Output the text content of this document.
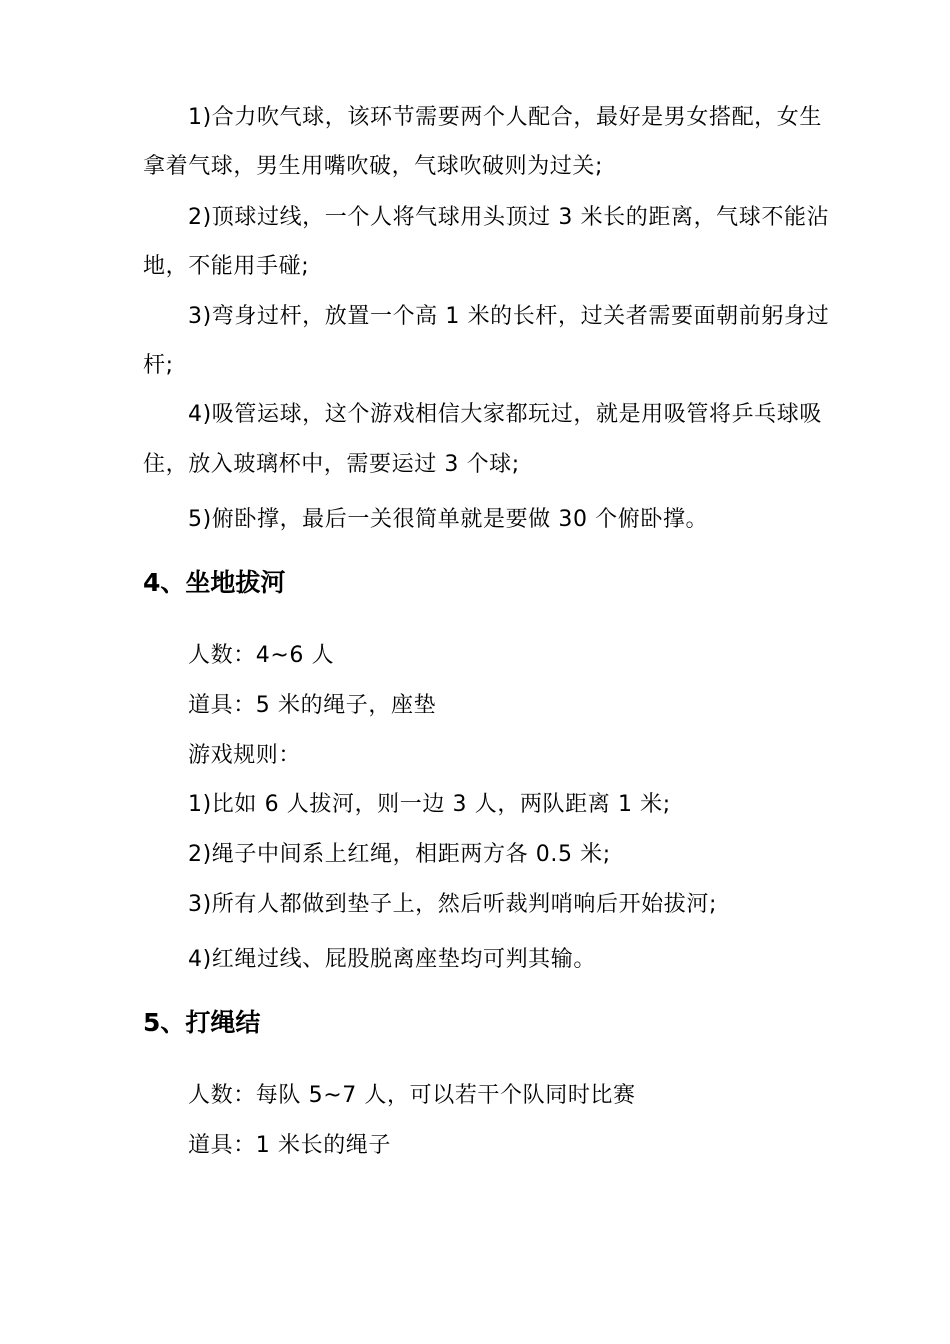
1)合力吹气球，该环节需要两个人配合，最好是男女搭配，女生
拿着气球，男生用嘴吹破，气球吹破则为过关;
2)顶球过线，一个人将气球用头顶过 3 米长的距离，气球不能沾
地，不能用手碰;
3)弯身过杆，放置一个高 1 米的长杆，过关者需要面朝前躬身过
杆;
4)吸管运球，这个游戏相信大家都玩过，就是用吸管将乒乓球吸
住，放入玻璃杯中，需要运过 3 个球;
5)俯卧撑，最后一关很简单就是要做 30 个俯卧撑。
4、坐地拔河
人数：4~6 人
道具：5 米的绳子，座垫
游戏规则：
1)比如 6 人拔河，则一边 3 人，两队距离 1 米;
2)绳子中间系上红绳，相距两方各 0.5 米;
3)所有人都做到垫子上，然后听裁判哨响后开始拔河;
4)红绳过线、屁股脱离座垫均可判其输。
5、打绳结
人数：每队 5~7 人，可以若干个队同时比赛
道具：1 米长的绳子
